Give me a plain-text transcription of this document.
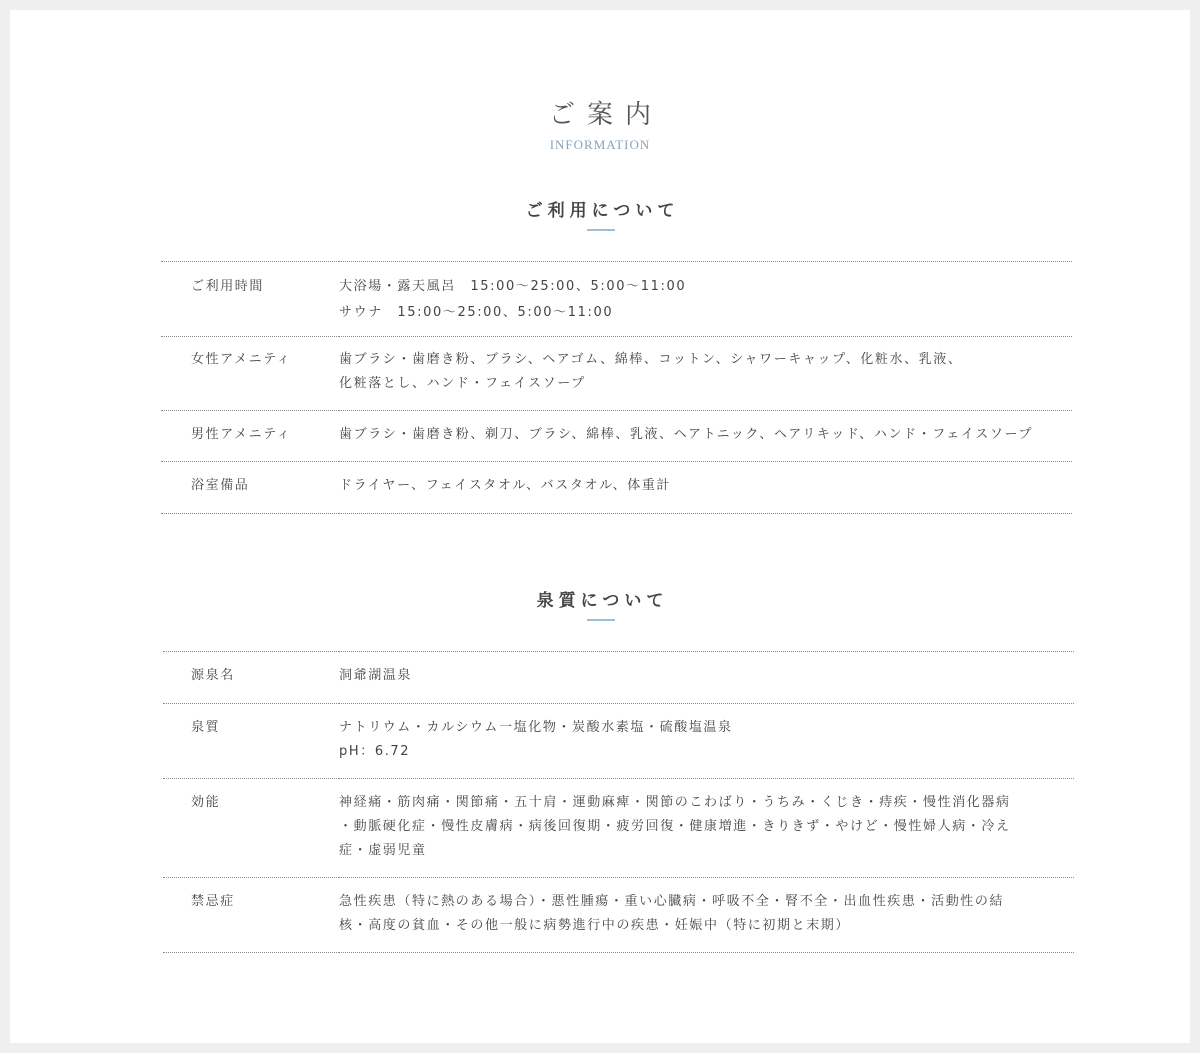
ご案内
INFORMATION
ご利用について
ご利用時間	大浴場・露天風呂　15:00〜25:00、5:00〜11:00
サウナ　15:00〜25:00、5:00〜11:00

女性アメニティ	歯ブラシ・歯磨き粉、ブラシ、ヘアゴム、綿棒、コットン、シャワーキャップ、化粧水、乳液、
化粧落とし、ハンド・フェイスソープ

男性アメニティ	歯ブラシ・歯磨き粉、剃刀、ブラシ、綿棒、乳液、ヘアトニック、ヘアリキッド、ハンド・フェイスソープ

浴室備品	ドライヤー、フェイスタオル、バスタオル、体重計
泉質について
源泉名	洞爺湖温泉

泉質	ナトリウム・カルシウム一塩化物・炭酸水素塩・硫酸塩温泉
pH：6.72

効能	神経痛・筋肉痛・関節痛・五十肩・運動麻痺・関節のこわばり・うちみ・くじき・痔疾・慢性消化器病
・動脈硬化症・慢性皮膚病・病後回復期・疲労回復・健康増進・きりきず・やけど・慢性婦人病・冷え
症・虚弱児童

禁忌症	急性疾患（特に熱のある場合）・悪性腫瘍・重い心臓病・呼吸不全・腎不全・出血性疾患・活動性の結
核・高度の貧血・その他一般に病勢進行中の疾患・妊娠中（特に初期と末期）
